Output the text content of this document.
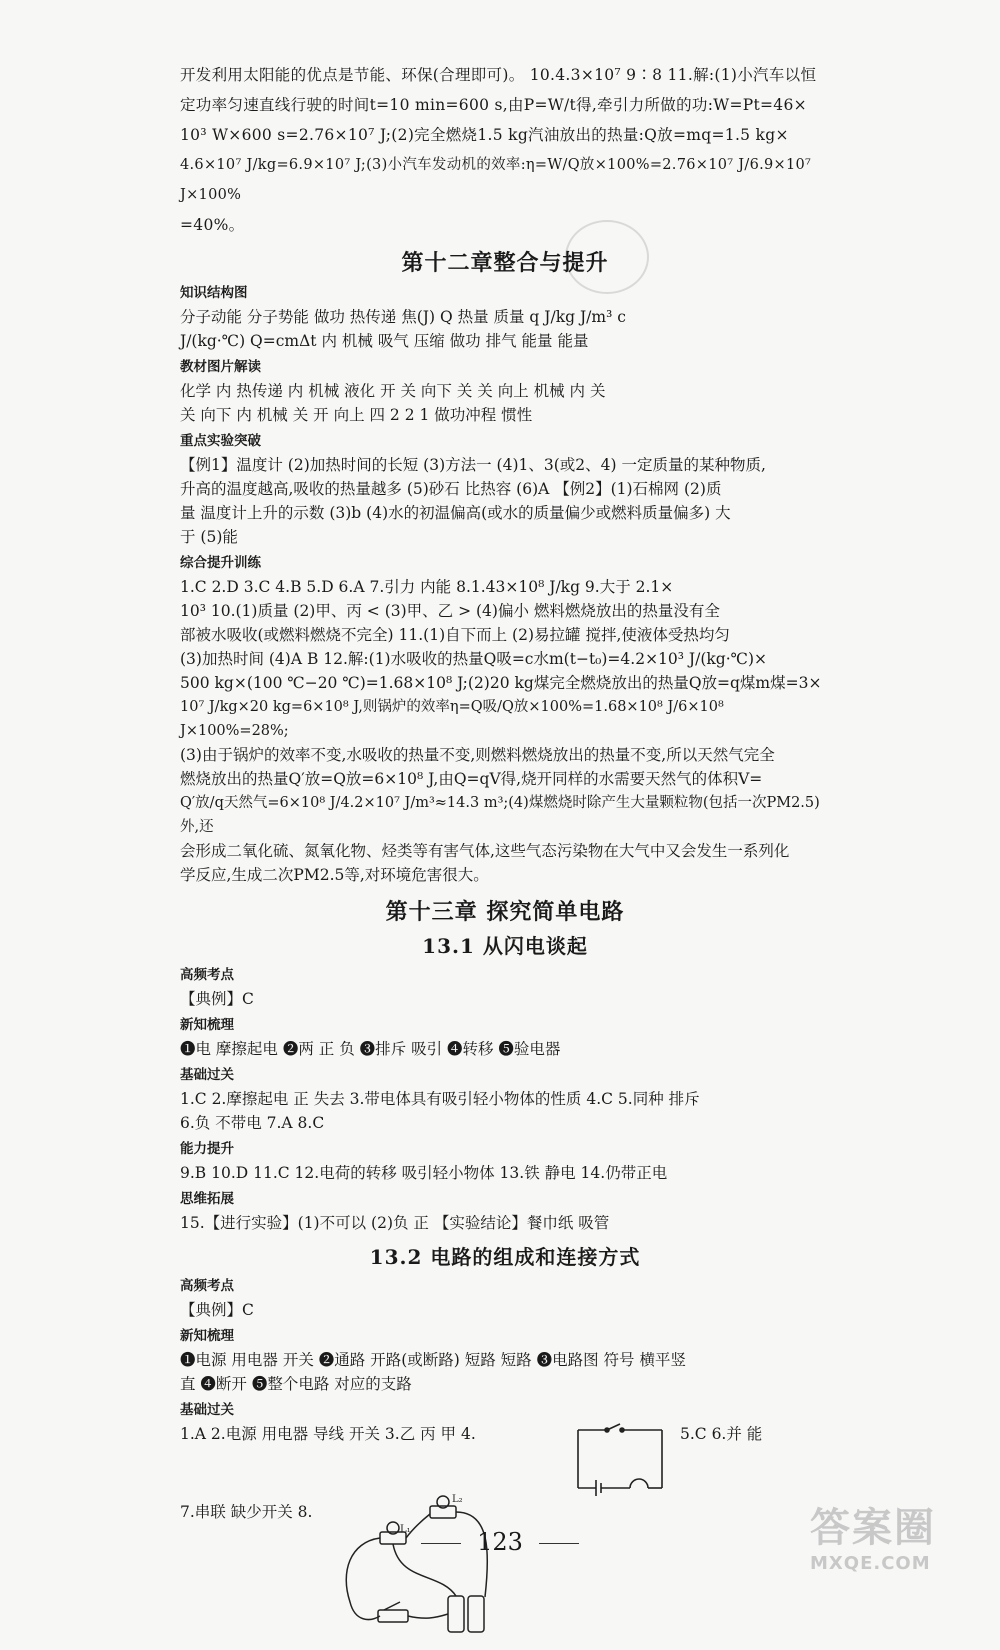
开发利用太阳能的优点是节能、环保(合理即可)。 10.4.3×10⁷ 9∶8 11.解:(1)小汽车以恒

定功率匀速直线行驶的时间t=10 min=600 s,由P=W/t得,牵引力所做的功:W=Pt=46×

10³ W×600 s=2.76×10⁷ J;(2)完全燃烧1.5 kg汽油放出的热量:Q放=mq=1.5 kg×

4.6×10⁷ J/kg=6.9×10⁷ J;(3)小汽车发动机的效率:η=W/Q放×100%=2.76×10⁷ J/6.9×10⁷ J×100%

=40%。

第十二章整合与提升
知识结构图

分子动能 分子势能 做功 热传递 焦(J) Q 热量 质量 q J/kg J/m³ c

J/(kg·℃) Q=cmΔt 内 机械 吸气 压缩 做功 排气 能量 能量

教材图片解读

化学 内 热传递 内 机械 液化 开 关 向下 关 关 向上 机械 内 关

关 向下 内 机械 关 开 向上 四 2 2 1 做功冲程 惯性

重点实验突破

【例1】温度计 (2)加热时间的长短 (3)方法一 (4)1、3(或2、4) 一定质量的某种物质,

升高的温度越高,吸收的热量越多 (5)砂石 比热容 (6)A 【例2】(1)石棉网 (2)质

量 温度计上升的示数 (3)b (4)水的初温偏高(或水的质量偏少或燃料质量偏多) 大

于 (5)能

综合提升训练

1.C 2.D 3.C 4.B 5.D 6.A 7.引力 内能 8.1.43×10⁸ J/kg 9.大于 2.1×

10³ 10.(1)质量 (2)甲、丙 < (3)甲、乙 > (4)偏小 燃料燃烧放出的热量没有全

部被水吸收(或燃料燃烧不完全) 11.(1)自下而上 (2)易拉罐 搅拌,使液体受热均匀

(3)加热时间 (4)A B 12.解:(1)水吸收的热量Q吸=c水m(t−t₀)=4.2×10³ J/(kg·℃)×

500 kg×(100 ℃−20 ℃)=1.68×10⁸ J;(2)20 kg煤完全燃烧放出的热量Q放=q煤m煤=3×

10⁷ J/kg×20 kg=6×10⁸ J,则锅炉的效率η=Q吸/Q放×100%=1.68×10⁸ J/6×10⁸ J×100%=28%;

(3)由于锅炉的效率不变,水吸收的热量不变,则燃料燃烧放出的热量不变,所以天然气完全

燃烧放出的热量Q′放=Q放=6×10⁸ J,由Q=qV得,烧开同样的水需要天然气的体积V=

Q′放/q天然气=6×10⁸ J/4.2×10⁷ J/m³≈14.3 m³;(4)煤燃烧时除产生大量颗粒物(包括一次PM2.5)外,还

会形成二氧化硫、氮氧化物、烃类等有害气体,这些气态污染物在大气中又会发生一系列化

学反应,生成二次PM2.5等,对环境危害很大。

第十三章 探究简单电路
13.1 从闪电谈起
高频考点

【典例】C

新知梳理

❶电 摩擦起电 ❷两 正 负 ❸排斥 吸引 ❹转移 ❺验电器

基础过关

1.C 2.摩擦起电 正 失去 3.带电体具有吸引轻小物体的性质 4.C 5.同种 排斥

6.负 不带电 7.A 8.C

能力提升

9.B 10.D 11.C 12.电荷的转移 吸引轻小物体 13.铁 静电 14.仍带正电

思维拓展

15.【进行实验】(1)不可以 (2)负 正 【实验结论】餐巾纸 吸管

13.2 电路的组成和连接方式
高频考点

【典例】C

新知梳理

❶电源 用电器 开关 ❷通路 开路(或断路) 短路 短路 ❸电路图 符号 横平竖

直 ❹断开 ❺整个电路 对应的支路

基础过关
1.A 2.电源 用电器 导线 开关 3.乙 丙 甲 4.	5.C 6.并 能
7.串联 缺少开关 8.
L₁
L₂
123	答案圈
MXQE.COM
